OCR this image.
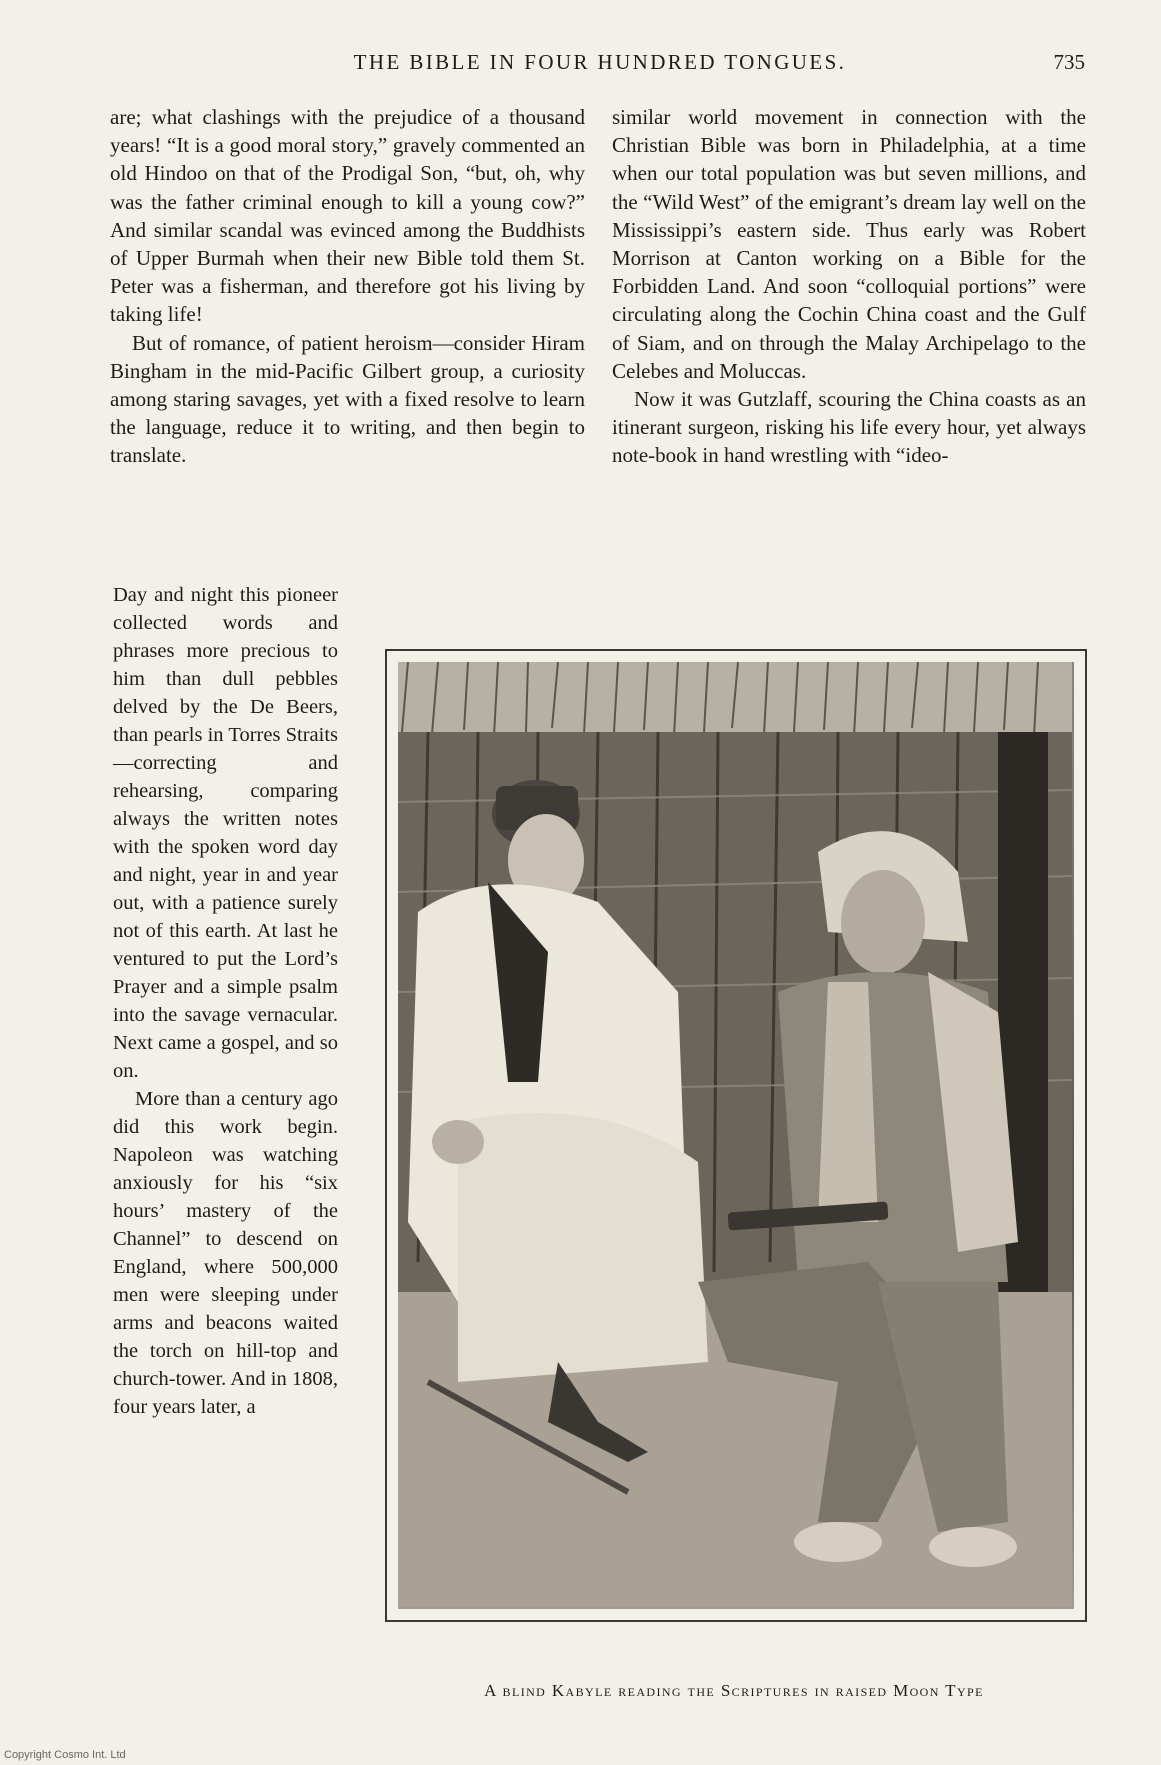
THE BIBLE IN FOUR HUNDRED TONGUES.	735

are; what clashings with the prejudice of a thousand years! “It is a good moral story,” gravely commented an old Hindoo on that of the Prodigal Son, “but, oh, why was the father criminal enough to kill a young cow?” And similar scandal was evinced among the Buddhists of Upper Burmah when their new Bible told them St. Peter was a fisherman, and therefore got his living by taking life!

But of romance, of patient heroism—consider Hiram Bingham in the mid-Pacific Gilbert group, a curiosity among staring savages, yet with a fixed resolve to learn the language, reduce it to writing, and then begin to translate.

similar world movement in connection with the Christian Bible was born in Philadelphia, at a time when our total population was but seven millions, and the “Wild West” of the emigrant’s dream lay well on the Mississippi’s eastern side. Thus early was Robert Morrison at Canton working on a Bible for the Forbidden Land. And soon “colloquial portions” were circulating along the Cochin China coast and the Gulf of Siam, and on through the Malay Archipelago to the Celebes and Moluccas.

Now it was Gutzlaff, scouring the China coasts as an itinerant surgeon, risking his life every hour, yet always note-book in hand wrestling with “ideo-

Day and night this pioneer collected words and phrases more precious to him than dull pebbles delved by the De Beers, than pearls in Torres Straits—correcting and rehearsing, comparing always the written notes with the spoken word day and night, year in and year out, with a patience surely not of this earth. At last he ventured to put the Lord’s Prayer and a simple psalm into the savage vernacular. Next came a gospel, and so on.

More than a century ago did this work begin. Napoleon was watching anxiously for his “six hours’ mastery of the Channel” to descend on England, where 500,000 men were sleeping under arms and beacons waited the torch on hill-top and church-tower. And in 1808, four years later, a

A blind Kabyle reading the Scriptures in raised Moon Type
Copyright Cosmo Int. Ltd
